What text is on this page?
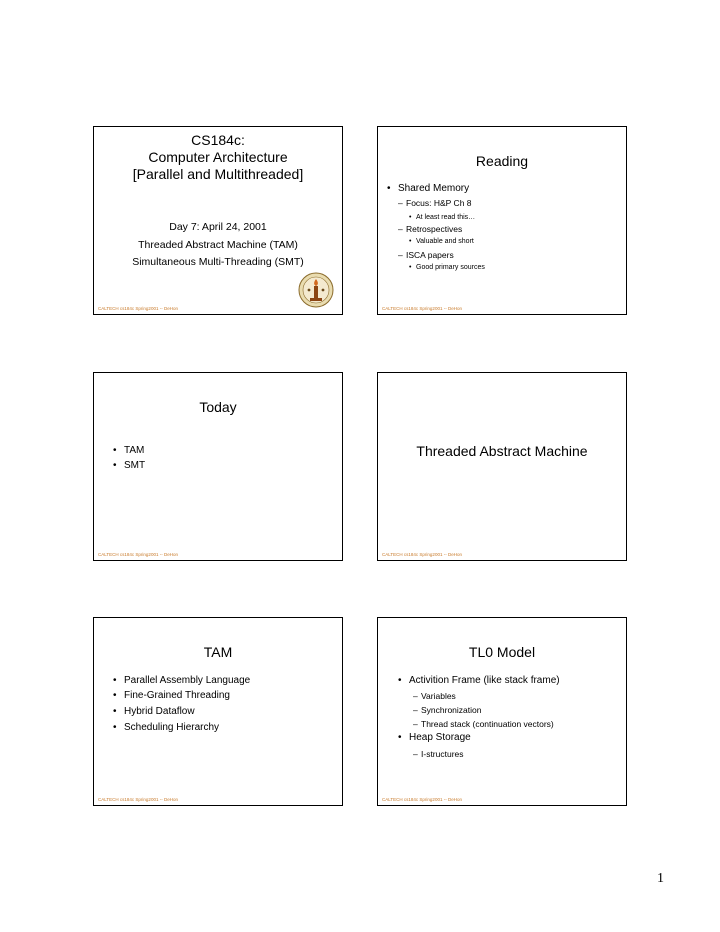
CS184c:
Computer Architecture
[Parallel and Multithreaded]
Day 7: April 24, 2001
Threaded Abstract Machine (TAM)
Simultaneous Multi-Threading (SMT)
CALTECH cs184c Spring2001 -- DeHon
Reading
• Shared Memory
– Focus: H&P Ch 8
• At least read this…
– Retrospectives
• Valuable and short
– ISCA papers
• Good primary sources
CALTECH cs184c Spring2001 -- DeHon
Today
• TAM
• SMT
CALTECH cs184c Spring2001 -- DeHon
Threaded Abstract Machine
CALTECH cs184c Spring2001 -- DeHon
TAM
• Parallel Assembly Language
• Fine-Grained Threading
• Hybrid Dataflow
• Scheduling Hierarchy
CALTECH cs184c Spring2001 -- DeHon
TL0 Model
• Activition Frame (like stack frame)
– Variables
– Synchronization
– Thread stack (continuation vectors)
• Heap Storage
– I-structures
CALTECH cs184c Spring2001 -- DeHon
1
